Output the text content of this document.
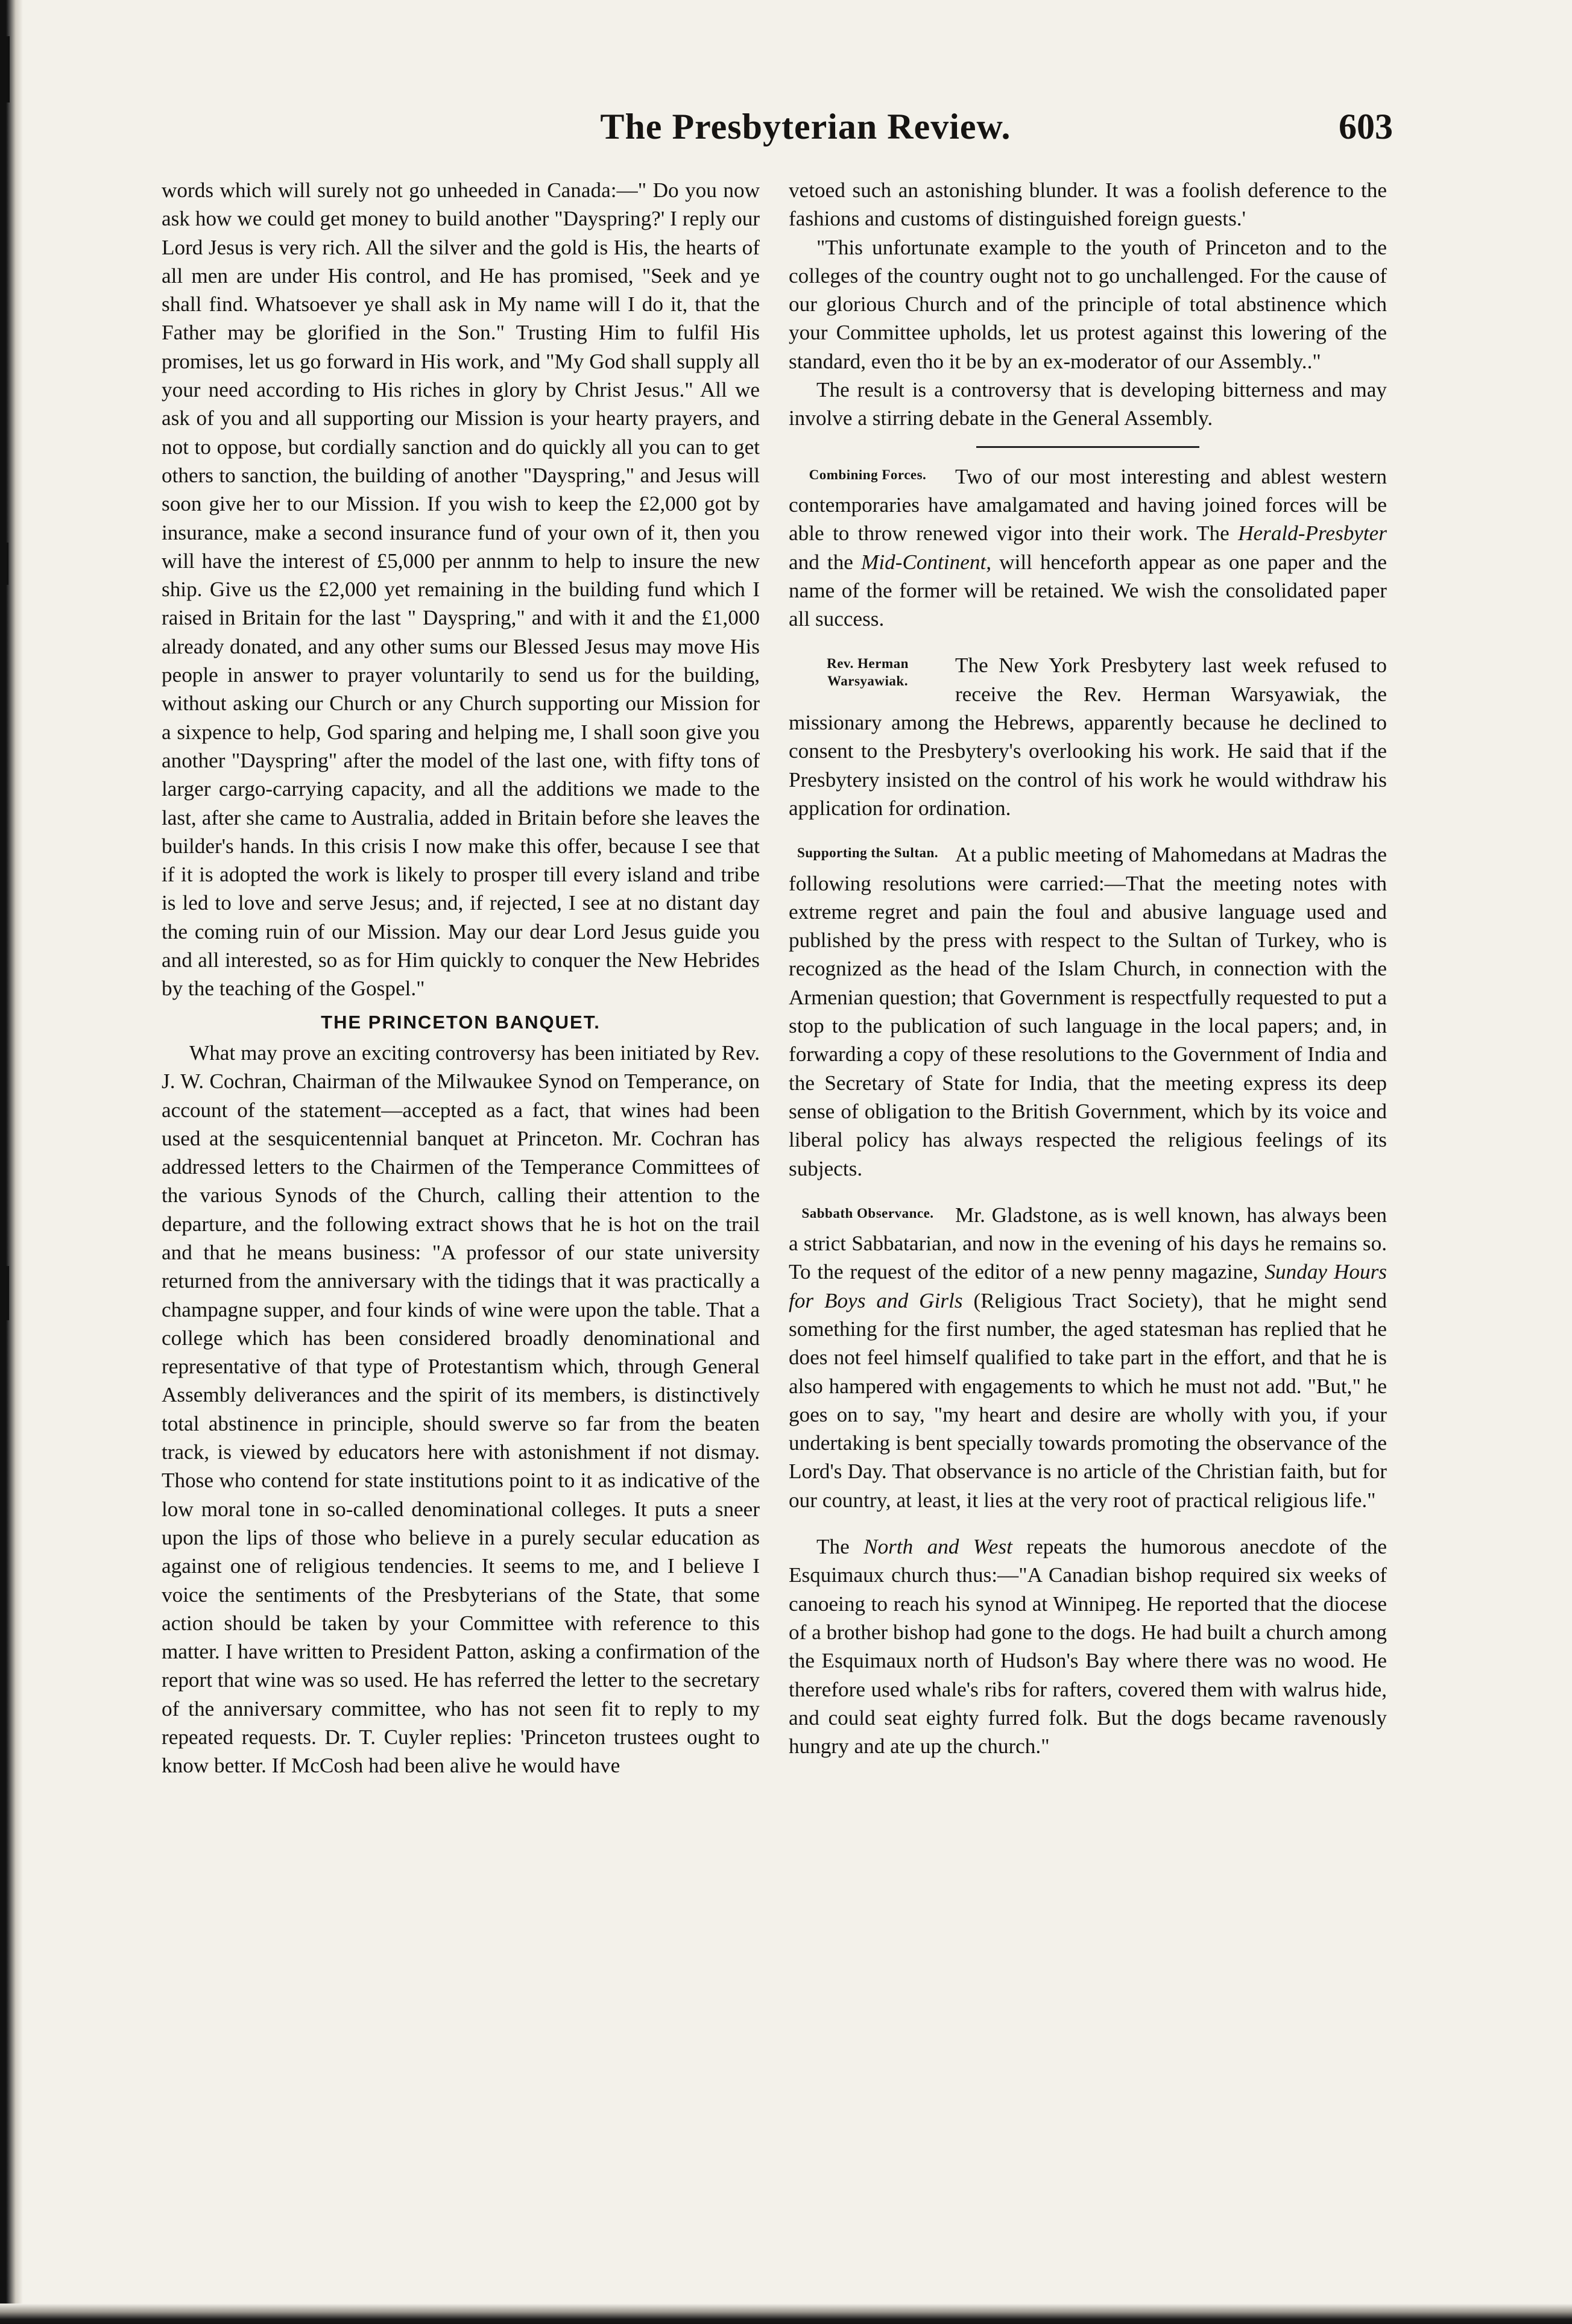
The Presbyterian Review.	603

words which will surely not go unheeded in Canada:—" Do you now ask how we could get money to build another "Dayspring?' I reply our Lord Jesus is very rich. All the silver and the gold is His, the hearts of all men are under His control, and He has promised, "Seek and ye shall find. Whatsoever ye shall ask in My name will I do it, that the Father may be glorified in the Son." Trusting Him to fulfil His promises, let us go forward in His work, and "My God shall supply all your need according to His riches in glory by Christ Jesus." All we ask of you and all supporting our Mission is your hearty prayers, and not to oppose, but cordially sanction and do quickly all you can to get others to sanction, the building of another "Dayspring," and Jesus will soon give her to our Mission. If you wish to keep the £2,000 got by insurance, make a second insurance fund of your own of it, then you will have the interest of £5,000 per annnm to help to insure the new ship. Give us the £2,000 yet remaining in the building fund which I raised in Britain for the last " Dayspring," and with it and the £1,000 already donated, and any other sums our Blessed Jesus may move His people in answer to prayer voluntarily to send us for the building, without asking our Church or any Church supporting our Mission for a sixpence to help, God sparing and helping me, I shall soon give you another "Dayspring" after the model of the last one, with fifty tons of larger cargo-carrying capacity, and all the additions we made to the last, after she came to Australia, added in Britain before she leaves the builder's hands. In this crisis I now make this offer, because I see that if it is adopted the work is likely to prosper till every island and tribe is led to love and serve Jesus; and, if rejected, I see at no distant day the coming ruin of our Mission. May our dear Lord Jesus guide you and all interested, so as for Him quickly to conquer the New Hebrides by the teaching of the Gospel."

THE PRINCETON BANQUET.

What may prove an exciting controversy has been initiated by Rev. J. W. Cochran, Chairman of the Milwaukee Synod on Temperance, on account of the statement—accepted as a fact, that wines had been used at the sesquicentennial banquet at Princeton. Mr. Cochran has addressed letters to the Chairmen of the Temperance Committees of the various Synods of the Church, calling their attention to the departure, and the following extract shows that he is hot on the trail and that he means business: "A professor of our state university returned from the anniversary with the tidings that it was practically a champagne supper, and four kinds of wine were upon the table. That a college which has been considered broadly denominational and representative of that type of Protestantism which, through General Assembly deliverances and the spirit of its members, is distinctively total abstinence in principle, should swerve so far from the beaten track, is viewed by educators here with astonishment if not dismay. Those who contend for state institutions point to it as indicative of the low moral tone in so-called denominational colleges. It puts a sneer upon the lips of those who believe in a purely secular education as against one of religious tendencies. It seems to me, and I believe I voice the sentiments of the Presbyterians of the State, that some action should be taken by your Committee with reference to this matter. I have written to President Patton, asking a confirmation of the report that wine was so used. He has referred the letter to the secretary of the anniversary committee, who has not seen fit to reply to my repeated requests. Dr. T. Cuyler replies: 'Princeton trustees ought to know better. If McCosh had been alive he would have

vetoed such an astonishing blunder. It was a foolish deference to the fashions and customs of distinguished foreign guests.'

"This unfortunate example to the youth of Princeton and to the colleges of the country ought not to go unchallenged. For the cause of our glorious Church and of the principle of total abstinence which your Committee upholds, let us protest against this lowering of the standard, even tho it be by an ex-moderator of our Assembly.."

The result is a controversy that is developing bitterness and may involve a stirring debate in the General Assembly.

Combining Forces.	Two of our most interesting and ablest western contemporaries have amalgamated and having joined forces will be able to throw renewed vigor into their work. The Herald-Presbyter and the Mid-Continent, will henceforth appear as one paper and the name of the former will be retained. We wish the consolidated paper all success.

Rev. Herman Warsyawiak.

The New York Presbytery last week refused to receive the Rev. Herman Warsyawiak, the missionary among the Hebrews, apparently because he declined to consent to the Presbytery's overlooking his work. He said that if the Presbytery insisted on the control of his work he would withdraw his application for ordination.

Supporting the Sultan. At a public meeting of Mahomedans at Madras the following resolutions were carried:—That the meeting notes with extreme regret and pain the foul and abusive language used and published by the press with respect to the Sultan of Turkey, who is recognized as the head of the Islam Church, in connection with the Armenian question; that Government is respectfully requested to put a stop to the publication of such language in the local papers; and, in forwarding a copy of these resolutions to the Government of India and the Secretary of State for India, that the meeting express its deep sense of obligation to the British Government, which by its voice and liberal policy has always respected the religious feelings of its subjects.

Sabbath Observance.	Mr. Gladstone, as is well known, has always been a strict Sabbatarian, and now in the evening of his days he remains so. To the request of the editor of a new penny magazine, Sunday Hours for Boys and Girls (Religious Tract Society), that he might send something for the first number, the aged statesman has replied that he does not feel himself qualified to take part in the effort, and that he is also hampered with engagements to which he must not add. "But," he goes on to say, "my heart and desire are wholly with you, if your undertaking is bent specially towards promoting the observance of the Lord's Day. That observance is no article of the Christian faith, but for our country, at least, it lies at the very root of practical religious life."

The North and West repeats the humorous anecdote of the Esquimaux church thus:—"A Canadian bishop required six weeks of canoeing to reach his synod at Winnipeg. He reported that the diocese of a brother bishop had gone to the dogs. He had built a church among the Esquimaux north of Hudson's Bay where there was no wood. He therefore used whale's ribs for rafters, covered them with walrus hide, and could seat eighty furred folk. But the dogs became ravenously hungry and ate up the church."
